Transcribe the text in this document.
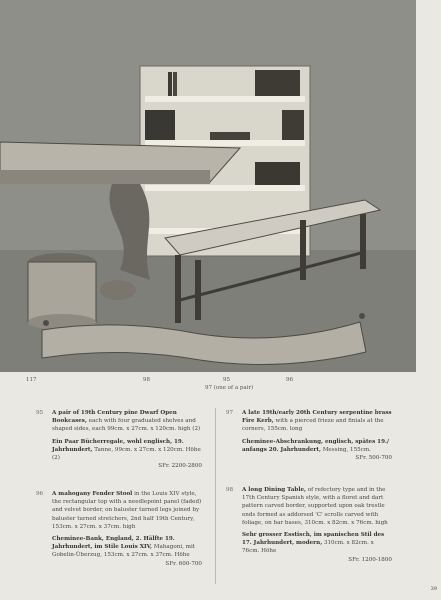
117	98	95	96
97 (one of a pair)
95 A pair of 19th Century pine Dwarf Open Bookcases, each with four graduated shelves and shaped sides, each 99cm. x 27cm. x 120cm. high (2)

Ein Paar Bücherregale, wohl englisch, 19. Jahrhundert, Tanne, 99cm. x 27cm. x 120cm. Höhe (2)

SFr. 2200-2800
96 A mahogany Fender Stool in the Louis XIV style, the rectangular top with a needlepoint panel (faded) and velvet border, on baluster turned legs joined by baluster turned stretchers, 2nd half 19th Century, 153cm. x 27cm. x 37cm. high

Cheminee-Bank, England, 2. Hälfte 19. Jahrhundert, im Stile Louis XIV, Mahagoni, mit Gobelin-Überzug, 153cm. x 27cm. x 37cm. Höhe

SFr. 600-700
97 A late 19th/early 20th Century serpentine brass Fire Kerb, with a pierced frieze and finials at the corners, 155cm. long

Cheminee-Abschrankung, englisch, spätes 19./ anfangs 20. Jahrhundert, Messing, 155cm.

SFr. 500-700
98 A long Dining Table, of refectory type and in the 17th Century Spanish style, with a floret and dart pattern carved border, supported upon oak trestle ends formed as addorsed 'C' scrolls carved with foliage, on bar bases, 310cm. x 82cm. x 76cm. high

Sehr grosser Esstisch, im spanischen Stil des 17. Jahrhundert, modern, 310cm. x 82cm. x 76cm. Höhe

SFr. 1200-1800
39
